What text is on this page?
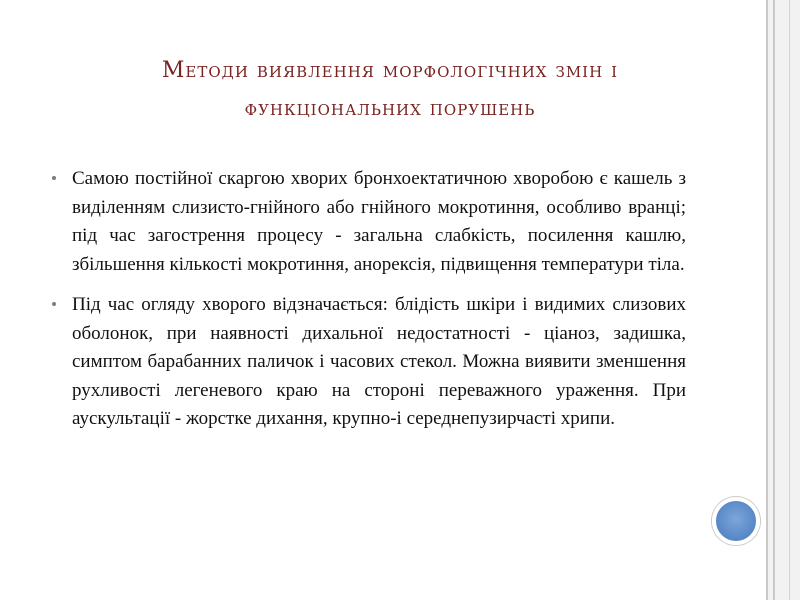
Методи виявлення морфологічних змін і
функціональних порушень

Самою постійної скаргою хворих бронхоектатичною хворобою є кашель з виділенням слизисто-гнійного або гнійного мокротиння, особливо вранці; під час загострення процесу - загальна слабкість, посилення кашлю, збільшення кількості мокротиння, анорексія, підвищення температури тіла.

Під час огляду хворого відзначається: блідість шкіри і видимих слизових оболонок, при наявності дихальної недостатності - ціаноз, задишка, симптом барабанних паличок і часових стекол. Можна виявити зменшення рухливості легеневого краю на стороні переважного ураження. При аускультації - жорстке дихання, крупно-і середнепузирчасті хрипи.
